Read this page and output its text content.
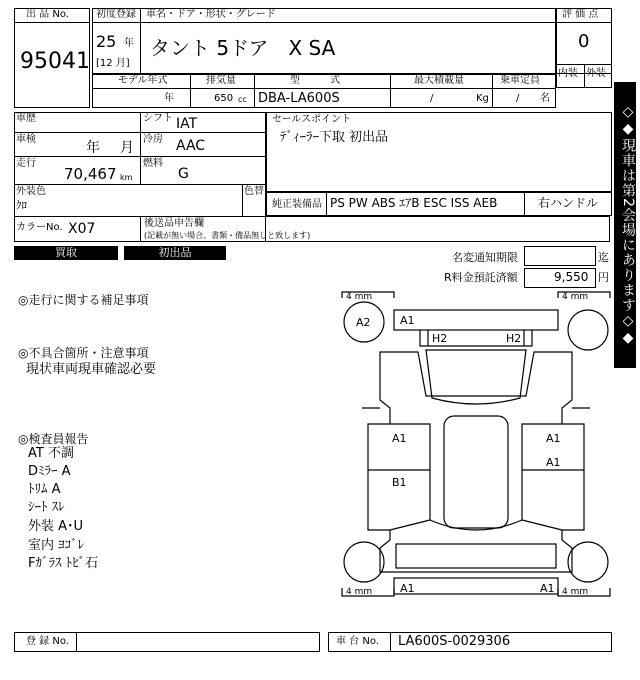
出 品 No.
95041
初度登録 車名・ドア・形状・グレード
25 年
[12 月]
タント 5ドア　X SA
評 価 点
0
内装 外装
モデル年式
年
排気量
650 cc
型　　　式
DBA-LA600S
最大積載量
/	Kg
乗車定員
/ 名
車歴	シフト IAT
車検
年 月
冷房 AAC
走行
70,467 km
燃料
G
外装色
ｸﾛ
色替
カラーNo. X07	後送品申告欄
(記載が無い場合、書類・備品無しと致します)
セールスポイント
ﾃﾞｨｰﾗｰ下取 初出品
純正装備品 PS PW ABS ｴｱB ESC ISS AEB	右ハンドル
買取	初出品	名変通知期限	迄
R料金預託済額	9,550 円 ◇◆現車は第2会場にあります◇◆
◎走行に関する補足事項
◎不具合箇所・注意事項
現状車両現車確認必要
◎検査員報告
AT 不調
Dﾐﾗｰ A
ﾄﾘﾑ A
ｼｰﾄ ｽﾚ
外装 A･U
室内 ﾖｺﾞﾚ
Fｶﾞﾗｽ ﾄﾋﾞ石
4 mm	4 mm
4 mm	4 mm
A2	A1
H2	H2
A1	A1
A1
B1
A1	A1
登 録 No.	車 台 No. LA600S-0029306
